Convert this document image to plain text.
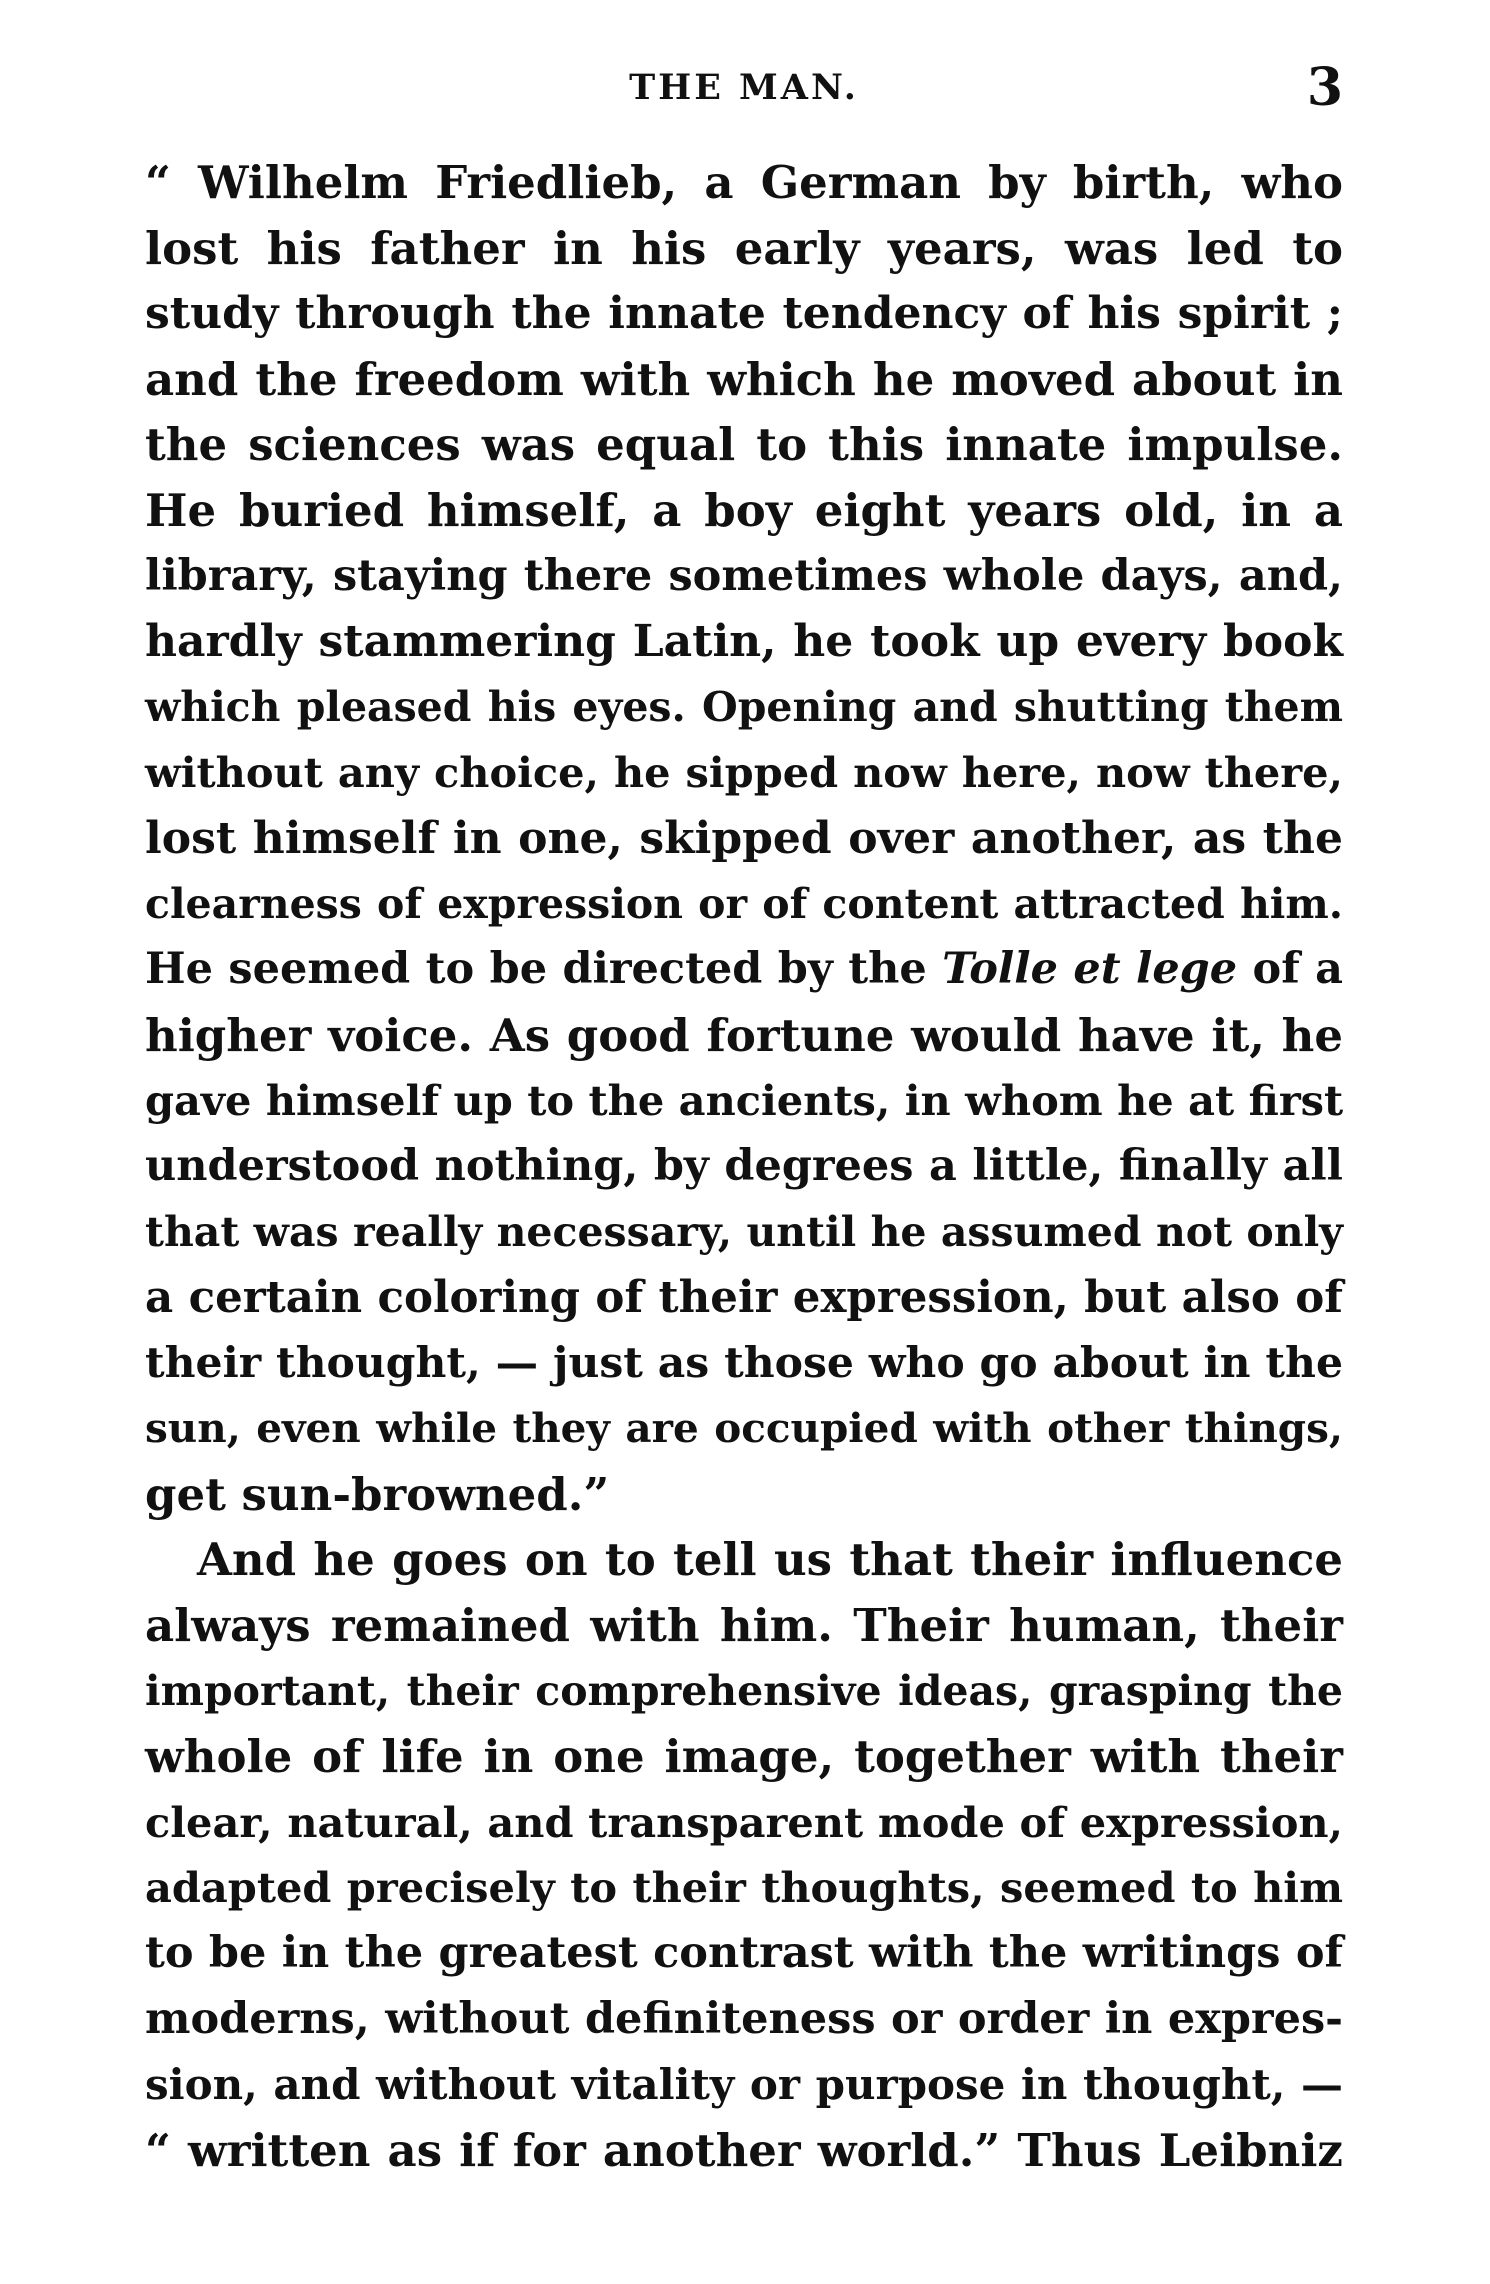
THE MAN.	3
“ Wilhelm Friedlieb, a German by birth, who
lost his father in his early years, was led to
study through the innate tendency of his spirit ;
and the freedom with which he moved about in
the sciences was equal to this innate impulse.
He buried himself, a boy eight years old, in a
library, staying there sometimes whole days, and,
hardly stammering Latin, he took up every book
which pleased his eyes. Opening and shutting them
without any choice, he sipped now here, now there,
lost himself in one, skipped over another, as the
clearness of expression or of content attracted him.
He seemed to be directed by the Tolle et lege of a
higher voice. As good fortune would have it, he
gave himself up to the ancients, in whom he at first
understood nothing, by degrees a little, finally all
that was really necessary, until he assumed not only
a certain coloring of their expression, but also of
their thought, — just as those who go about in the
sun, even while they are occupied with other things,
get sun-browned.”
And he goes on to tell us that their influence
always remained with him. Their human, their
important, their comprehensive ideas, grasping the
whole of life in one image, together with their
clear, natural, and transparent mode of expression,
adapted precisely to their thoughts, seemed to him
to be in the greatest contrast with the writings of
moderns, without definiteness or order in expres-
sion, and without vitality or purpose in thought, —
“ written as if for another world.” Thus Leibniz
